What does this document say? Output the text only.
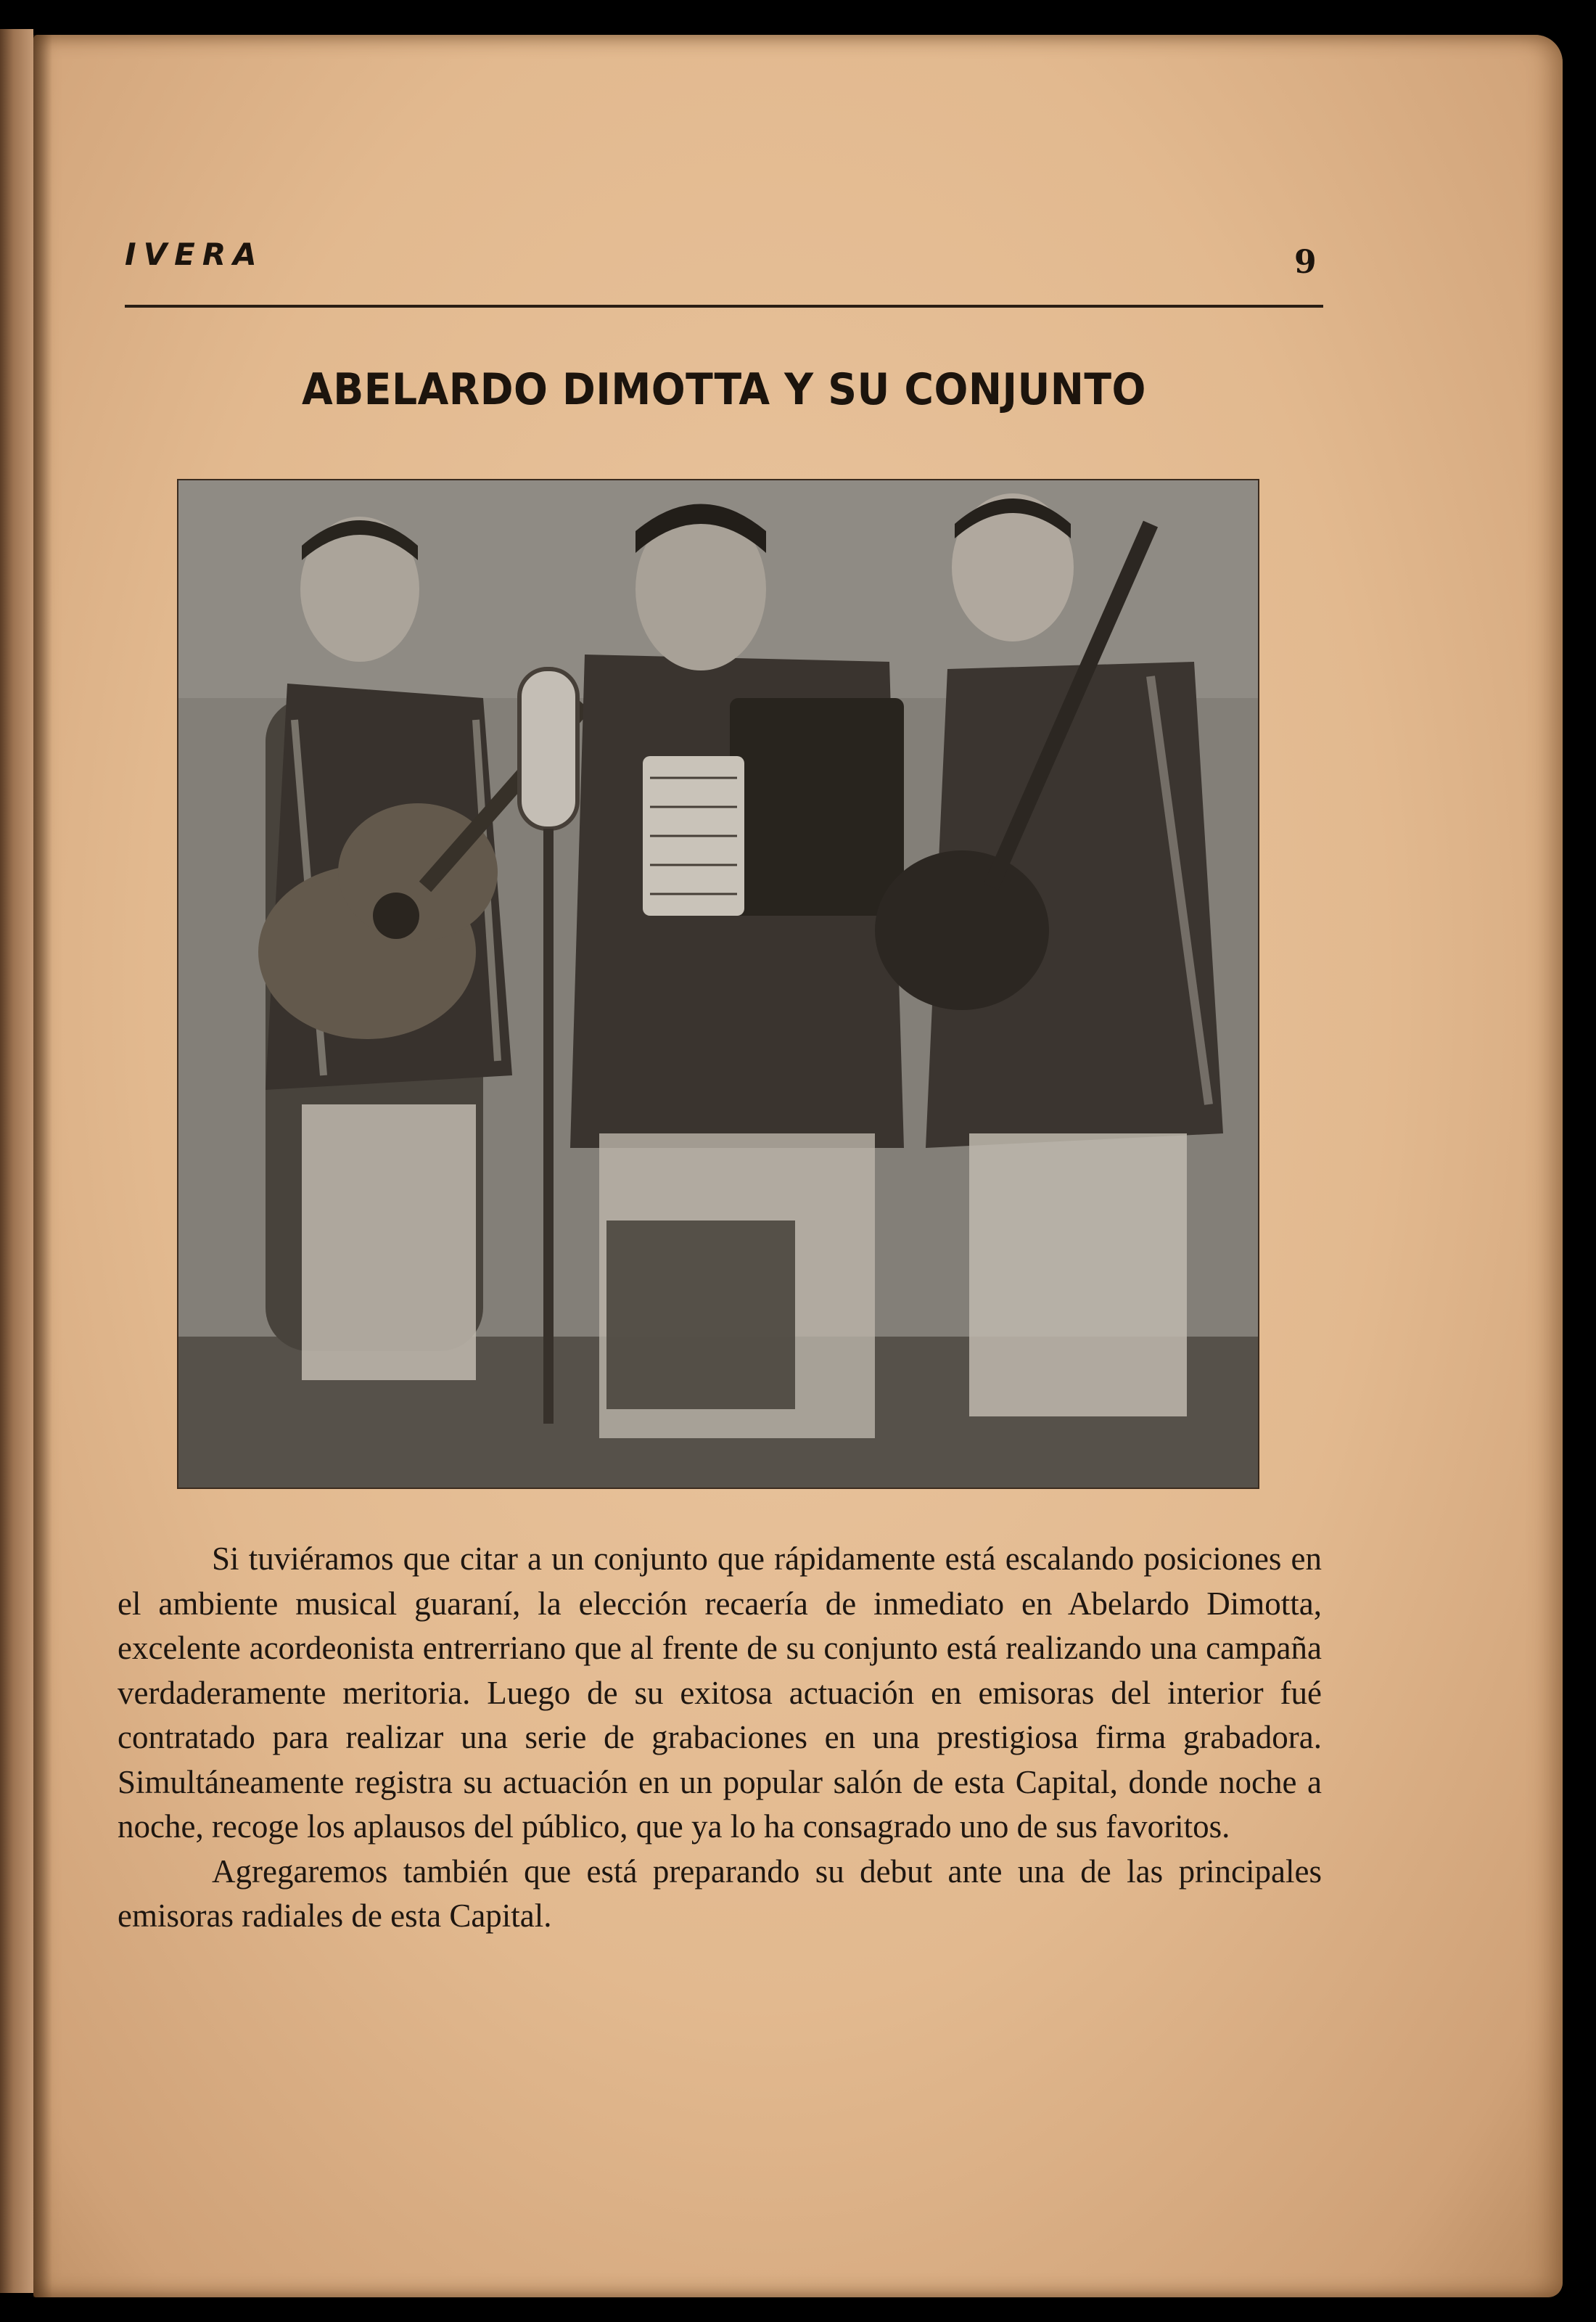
IVERA	9
ABELARDO DIMOTTA Y SU CONJUNTO

Si tuviéramos que citar a un conjunto que rápidamente está escalando posiciones en el ambiente musical guaraní, la elección recaería de inmediato en Abelardo Dimotta, excelente acordeonista entrerriano que al frente de su conjunto está realizando una campaña verdaderamente meritoria. Luego de su exitosa actuación en emisoras del interior fué contratado para realizar una serie de grabaciones en una prestigiosa firma grabadora. Simultáneamente registra su actuación en un popular salón de esta Capital, donde noche a noche, recoge los aplausos del público, que ya lo ha consagrado uno de sus favoritos.

Agregaremos también que está preparando su debut ante una de las principales emisoras radiales de esta Capital.
